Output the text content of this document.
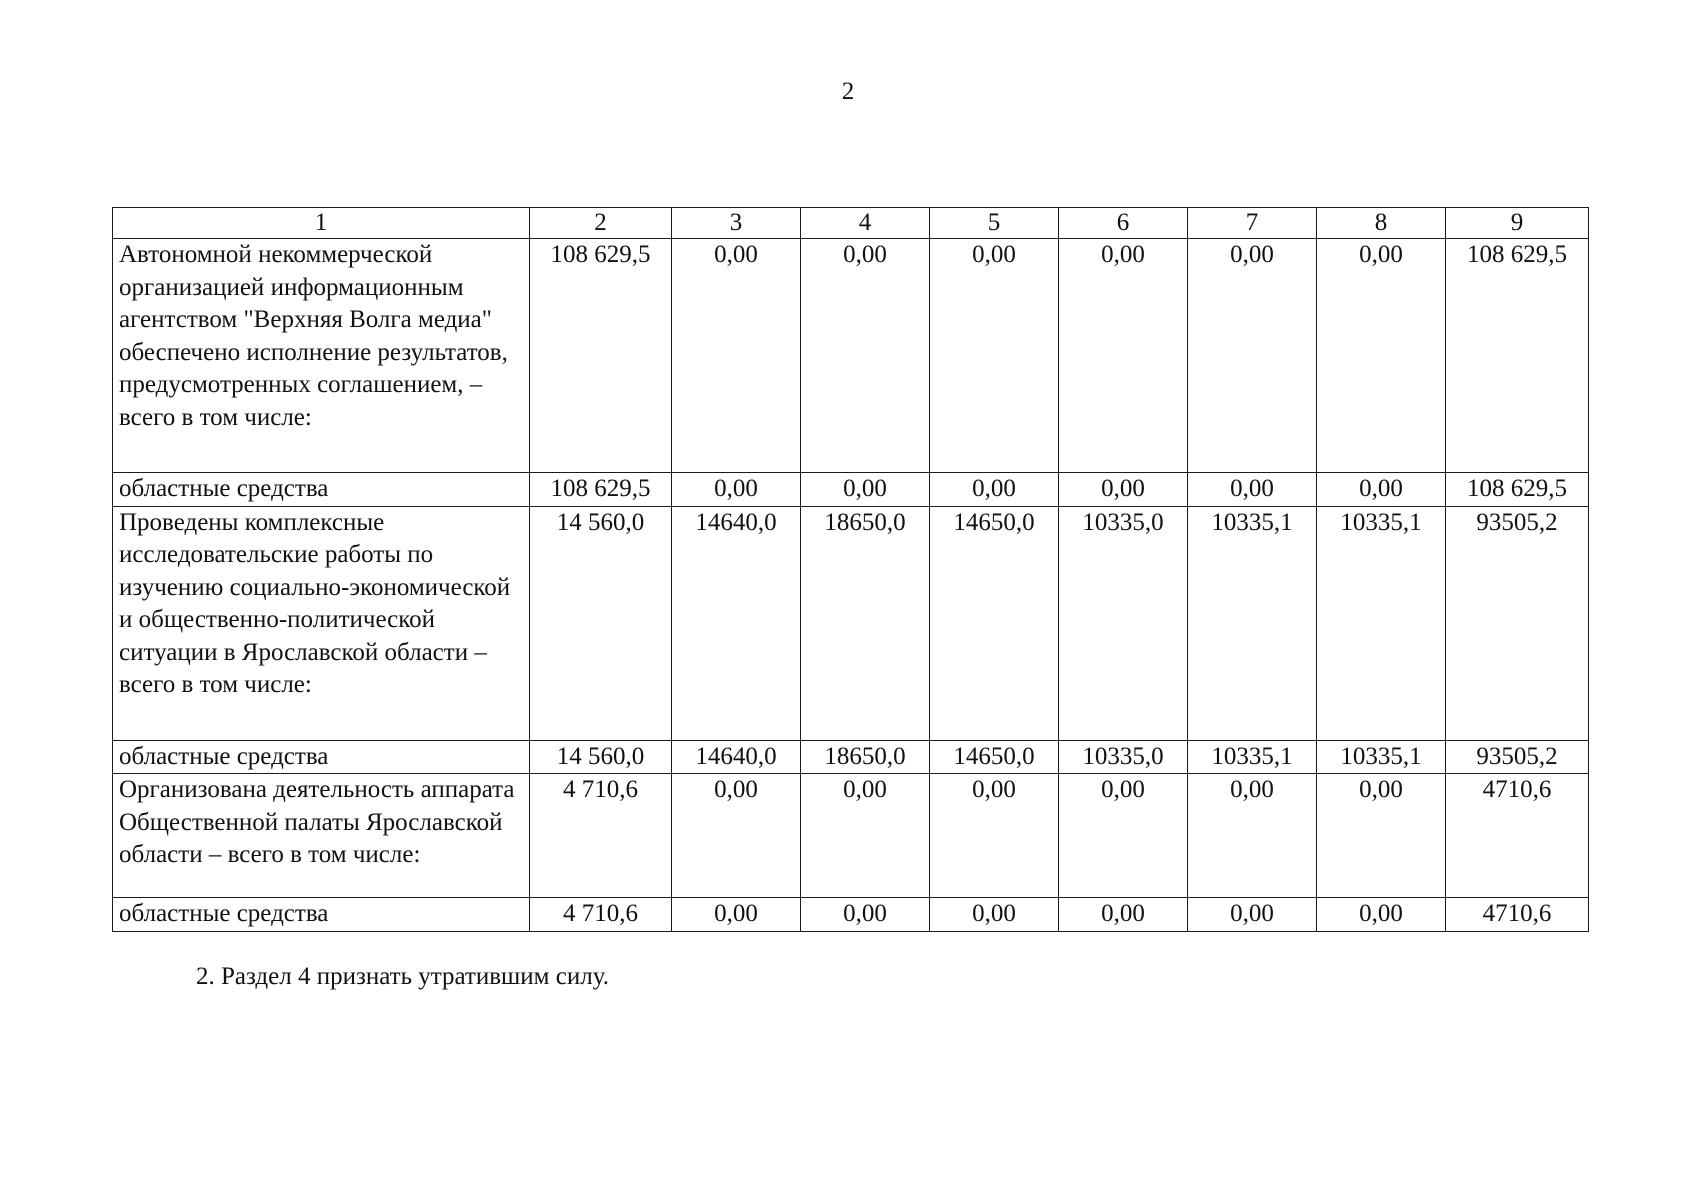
2
1	2	3	4	5	6	7	8	9
Автономной некоммерческой организацией информационным агентством "Верхняя Волга медиа" обеспечено исполнение результатов, предусмотренных соглашением, – всего в том числе:	108 629,5	0,00	0,00	0,00	0,00	0,00	0,00	108 629,5
областные средства	108 629,5	0,00	0,00	0,00	0,00	0,00	0,00	108 629,5
Проведены комплексные исследовательские работы по изучению социально-экономической и общественно-политической ситуации в Ярославской области – всего в том числе:	14 560,0	14640,0	18650,0	14650,0	10335,0	10335,1	10335,1	93505,2
областные средства	14 560,0	14640,0	18650,0	14650,0	10335,0	10335,1	10335,1	93505,2
Организована деятельность аппарата Общественной палаты Ярославской области – всего в том числе:	4 710,6	0,00	0,00	0,00	0,00	0,00	0,00	4710,6
областные средства	4 710,6	0,00	0,00	0,00	0,00	0,00	0,00	4710,6
2. Раздел 4 признать утратившим силу.
